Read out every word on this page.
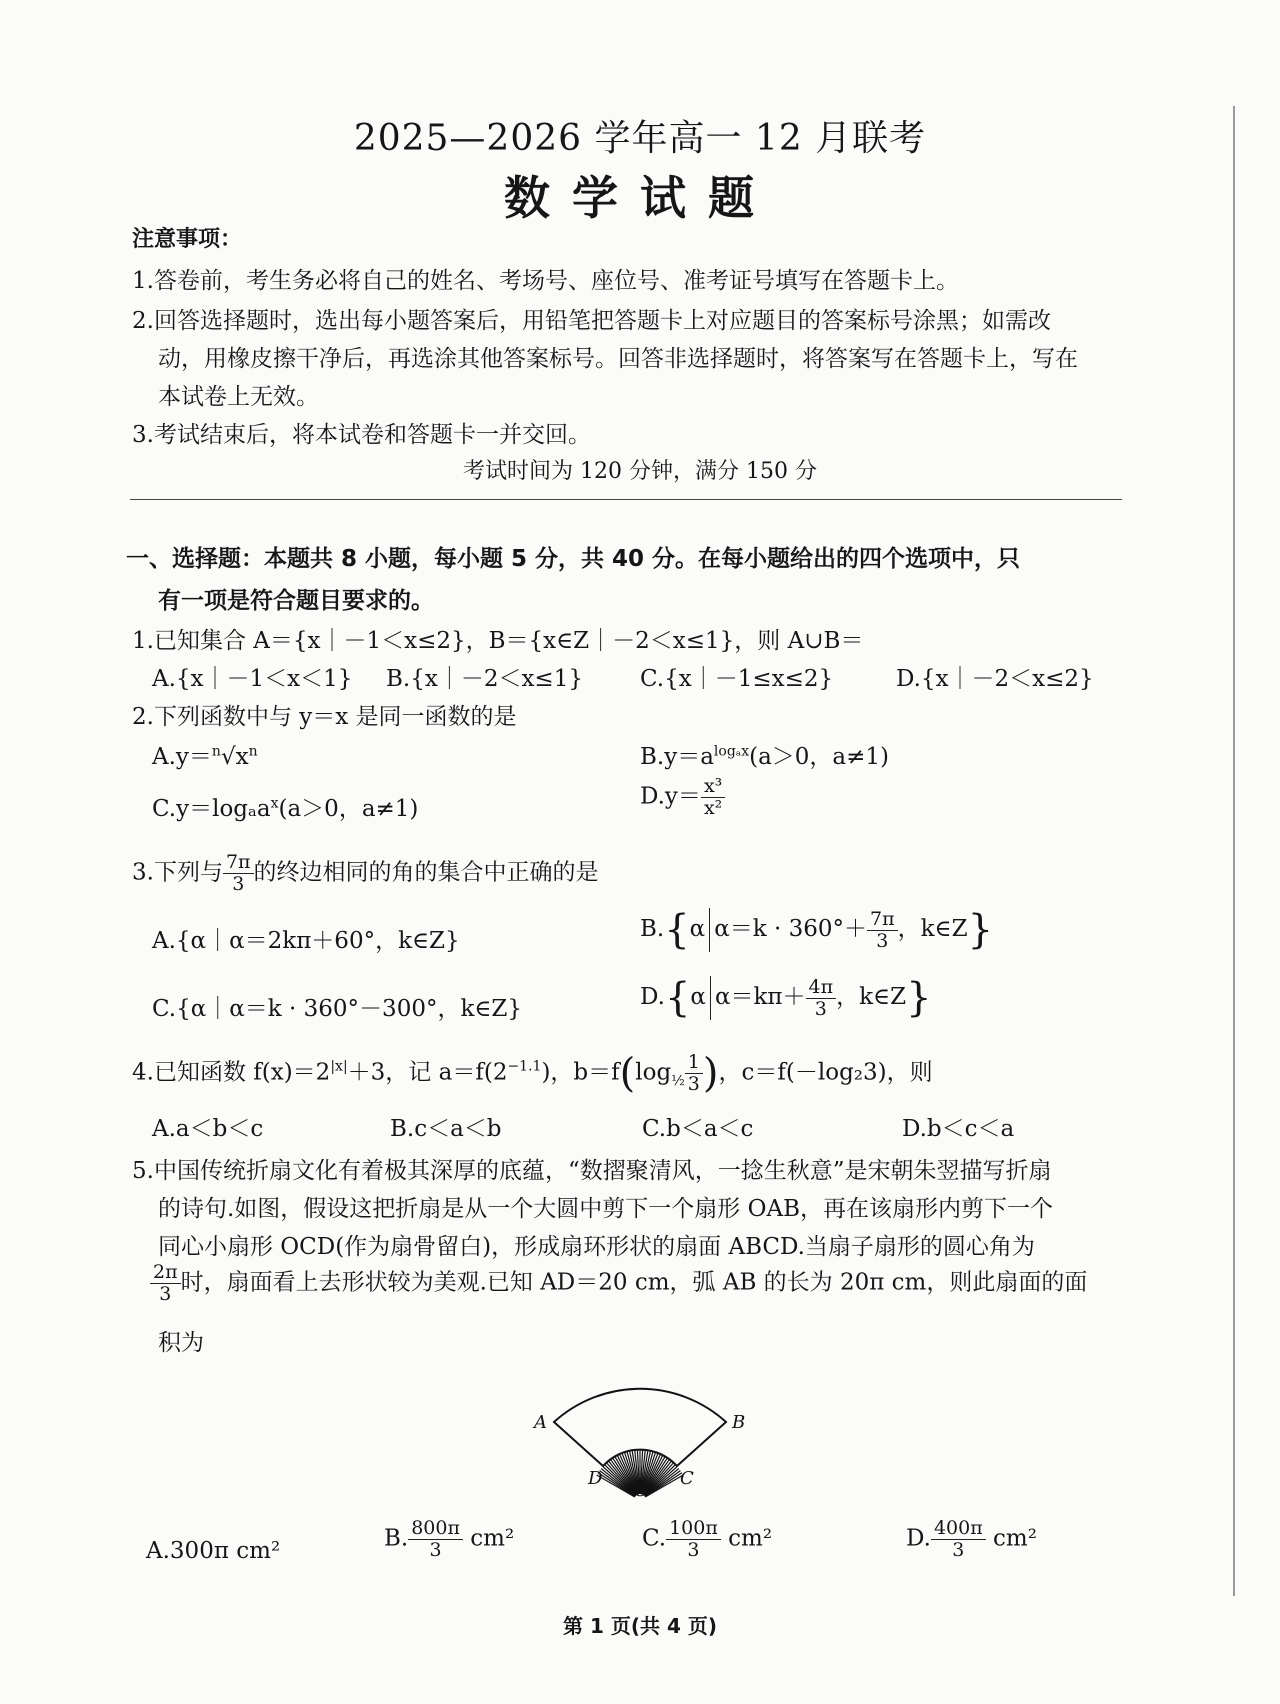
2025—2026 学年高一 12 月联考
数学试题
注意事项：
1.答卷前，考生务必将自己的姓名、考场号、座位号、准考证号填写在答题卡上。
2.回答选择题时，选出每小题答案后，用铅笔把答题卡上对应题目的答案标号涂黑；如需改
动，用橡皮擦干净后，再选涂其他答案标号。回答非选择题时，将答案写在答题卡上，写在
本试卷上无效。
3.考试结束后，将本试卷和答题卡一并交回。
考试时间为 120 分钟，满分 150 分
一、选择题：本题共 8 小题，每小题 5 分，共 40 分。在每小题给出的四个选项中，只
有一项是符合题目要求的。
1.已知集合 A＝{x｜－1＜x≤2}，B＝{x∈Z｜－2＜x≤1}，则 A∪B＝
A.{x｜－1＜x＜1} B.{x｜－2＜x≤1} C.{x｜－1≤x≤2}	D.{x｜－2＜x≤2}
2.下列函数中与 y＝x 是同一函数的是
$A.y=^n√x^n$	$B.y=a^{log_ax}(a>0$，a≠1)
C.y＝logₐa$^x$(a＞0，a≠1)	$D.y= \frac{\text{x³}}{\text{x²}}$
3.下列与 $\frac{7\pi}{3}$ 的终边相同的角的集合中正确的是
A.{α｜α＝2kπ＋60°，k∈Z}	B.{α $\alpha=k \cdot 360^\circ+ \frac{7\pi}{3}$ ，k∈Z}
C.{α｜α＝k · 360°－300°，k∈Z}	D.{α $\alpha=k\pi+ \frac{4\pi}{3}$ ，k∈Z}
4.已知函数 $f(x)=2^{|x|}+3$，记 $a=f(2^{-1.1})$，$b=f(\log_{\frac{1}{2}} \frac{1}{3}$ )，c＝f(－log₂3)，则
A.a＜b＜c	B.c＜a＜b	C.b＜a＜c	D.b＜c＜a
5.中国传统折扇文化有着极其深厚的底蕴，“数摺聚清风，一捻生秋意”是宋朝朱翌描写折扇
的诗句.如图，假设这把折扇是从一个大圆中剪下一个扇形 OAB，再在该扇形内剪下一个
同心小扇形 OCD(作为扇骨留白)，形成扇环形状的扇面 ABCD.当扇子扇形的圆心角为
$\frac{2\pi}{3}$ 时，扇面看上去形状较为美观.已知 AD＝20 cm，弧 AB 的长为 20π cm，则此扇面的面
积为
A	B
C
D
O
A.300π cm²	B. $\frac{800\pi}{3} cm^2$	C. $\frac{100\pi}{3} cm^2$	D. $\frac{400\pi}{3} cm^2$
第 1 页(共 4 页)
